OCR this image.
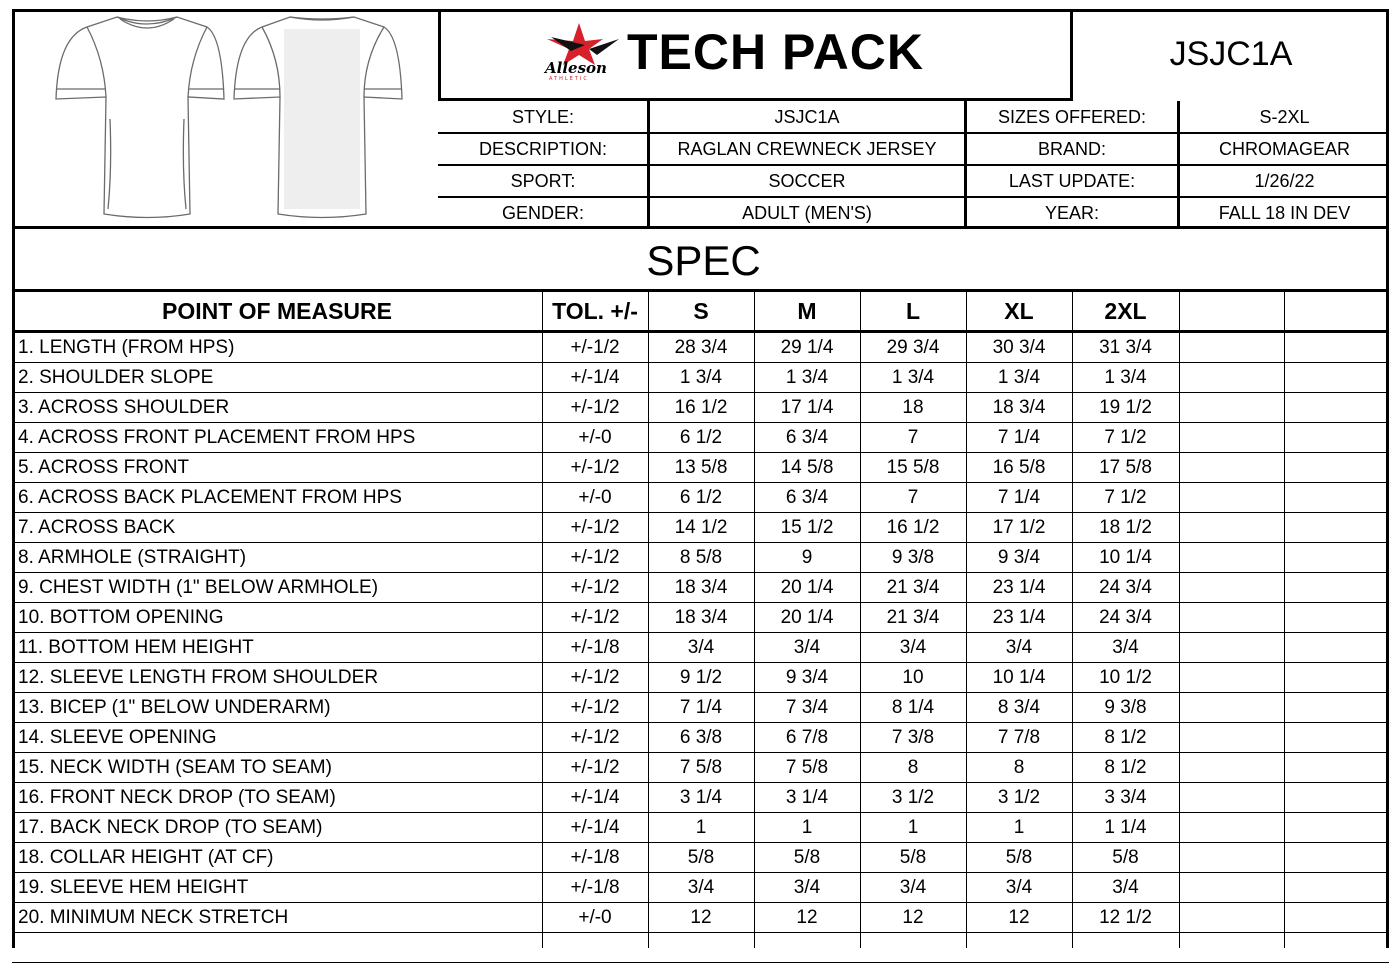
Alleson
ATHLETIC TECH PACK	JSJC1A
STYLE:	JSJC1A	SIZES OFFERED:	S-2XL
DESCRIPTION:	RAGLAN CREWNECK JERSEY	BRAND:	CHROMAGEAR
SPORT:	SOCCER	LAST UPDATE:	1/26/22
GENDER:	ADULT (MEN'S)	YEAR:	FALL 18 IN DEV
SPEC
POINT OF MEASURE	TOL. +/-	S	M	L	XL	2XL
1. LENGTH (FROM HPS)	+/-1/2	28 3/4	29 1/4	29 3/4	30 3/4	31 3/4
2. SHOULDER SLOPE	+/-1/4	1 3/4	1 3/4	1 3/4	1 3/4	1 3/4
3. ACROSS SHOULDER	+/-1/2	16 1/2	17 1/4	18	18 3/4	19 1/2
4. ACROSS FRONT PLACEMENT FROM HPS	+/-0	6 1/2	6 3/4	7	7 1/4	7 1/2
5. ACROSS FRONT	+/-1/2	13 5/8	14 5/8	15 5/8	16 5/8	17 5/8
6. ACROSS BACK PLACEMENT FROM HPS	+/-0	6 1/2	6 3/4	7	7 1/4	7 1/2
7. ACROSS BACK	+/-1/2	14 1/2	15 1/2	16 1/2	17 1/2	18 1/2
8. ARMHOLE (STRAIGHT)	+/-1/2	8 5/8	9	9 3/8	9 3/4	10 1/4
9. CHEST WIDTH (1" BELOW ARMHOLE)	+/-1/2	18 3/4	20 1/4	21 3/4	23 1/4	24 3/4
10. BOTTOM OPENING	+/-1/2	18 3/4	20 1/4	21 3/4	23 1/4	24 3/4
11. BOTTOM HEM HEIGHT	+/-1/8	3/4	3/4	3/4	3/4	3/4
12. SLEEVE LENGTH FROM SHOULDER	+/-1/2	9 1/2	9 3/4	10	10 1/4	10 1/2
13. BICEP (1" BELOW UNDERARM)	+/-1/2	7 1/4	7 3/4	8 1/4	8 3/4	9 3/8
14. SLEEVE OPENING	+/-1/2	6 3/8	6 7/8	7 3/8	7 7/8	8 1/2
15. NECK WIDTH (SEAM TO SEAM)	+/-1/2	7 5/8	7 5/8	8	8	8 1/2
16. FRONT NECK DROP (TO SEAM)	+/-1/4	3 1/4	3 1/4	3 1/2	3 1/2	3 3/4
17. BACK NECK DROP (TO SEAM)	+/-1/4	1	1	1	1	1 1/4
18. COLLAR HEIGHT (AT CF)	+/-1/8	5/8	5/8	5/8	5/8	5/8
19. SLEEVE HEM HEIGHT	+/-1/8	3/4	3/4	3/4	3/4	3/4
20. MINIMUM NECK STRETCH	+/-0	12	12	12	12	12 1/2
